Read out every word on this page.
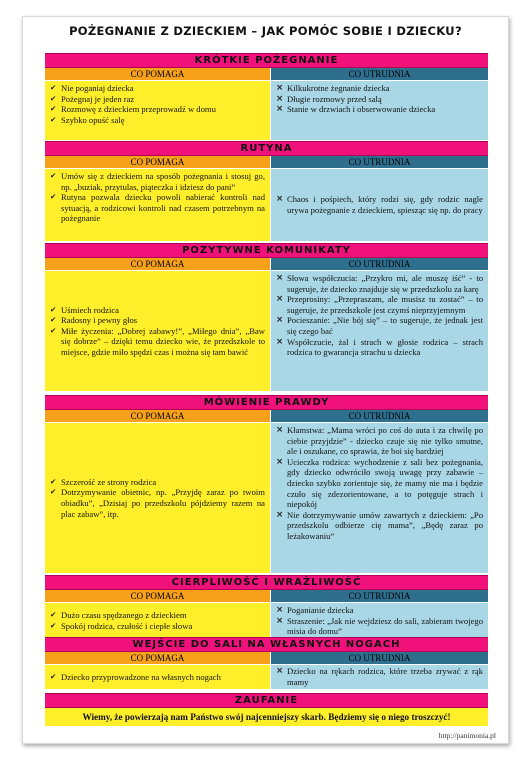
POŻEGNANIE Z DZIECKIEM – JAK POMÓC SOBIE I DZIECKU?
KRÓTKIE POŻEGNANIE
CO POMAGA	CO UTRUDNIA
✔ Nie poganiaj dziecka
✔ Pożegnaj je jeden raz
✔ Rozmowę z dzieckiem przeprowadź w domu
✔ Szybko opuść salę
× Kilkukrotne żegnanie dziecka
× Długie rozmowy przed salą
× Stanie w drzwiach i obserwowanie dziecka
RUTYNA
CO POMAGA	CO UTRUDNIA
✔ Umów się z dzieckiem na sposób pożegnania i stosuj go, np. „buziak, przytulas, piąteczka i idziesz do pani”
✔ Rutyna pozwala dziecku powoli nabierać kontroli nad sytuacją, a rodzicowi kontroli nad czasem potrzebnym na pożegnanie
× Chaos i pośpiech, który rodzi się, gdy rodzic nagle urywa pożegnanie z dzieckiem, spiesząc się np. do pracy
POZYTYWNE KOMUNIKATY
CO POMAGA	CO UTRUDNIA
✔ Uśmiech rodzica
✔ Radosny i pewny głos
✔ Miłe życzenia: „Dobrej zabawy!”, „Miłego dnia”, „Baw się dobrze” – dzięki temu dziecko wie, że przedszkole to miejsce, gdzie miło spędzi czas i można się tam bawić
× Słowa współczucia: „Przykro mi, ale muszę iść” - to sugeruje, że dziecko znajduje się w przedszkolu za karę
× Przeprosiny: „Przepraszam, ale musisz tu zostać” – to sugeruje, że przedszkole jest czymś nieprzyjemnym
× Pocieszanie: „Nie bój się” – to sugeruje, że jednak jest się czego bać
× Współczucie, żal i strach w głosie rodzica – strach rodzica to gwarancja strachu u dziecka
MÓWIENIE PRAWDY
CO POMAGA	CO UTRUDNIA
✔ Szczerość ze strony rodzica
✔ Dotrzymywanie obietnic, np. „Przyjdę zaraz po twoim obiadku”, „Dzisiaj po przedszkolu pójdziemy razem na plac zabaw”, itp.
× Kłamstwa: „Mama wróci po coś do auta i za chwilę po ciebie przyjdzie” - dziecko czuje się nie tylko smutne, ale i oszukane, co sprawia, że boi się bardziej
× Ucieczka rodzica: wychodzenie z sali bez pożegnania, gdy dziecko odwróciło swoją uwagę przy zabawie – dziecko szybko zorientuje się, że mamy nie ma i będzie czuło się zdezorientowane, a to potęguje strach i niepokój
× Nie dotrzymywanie umów zawartych z dzieckiem: „Po przedszkolu odbierze cię mama”, „Będę zaraz po leżakowaniu”
CIERPLIWOŚĆ I WRAŻLIWOŚĆ
CO POMAGA	CO UTRUDNIA
✔ Dużo czasu spędzanego z dzieckiem
✔ Spokój rodzica, czułość i ciepłe słowa
× Poganianie dziecka
× Straszenie: „Jak nie wejdziesz do sali, zabieram twojego misia do domu”
WEJŚCIE DO SALI NA WŁASNYCH NOGACH
CO POMAGA	CO UTRUDNIA
✔ Dziecko przyprowadzone na własnych nogach
× Dziecko na rękach rodzica, które trzeba zrywać z rąk mamy
ZAUFANIE
Wiemy, że powierzają nam Państwo swój najcenniejszy skarb. Będziemy się o niego troszczyć!
http://panimonia.pl
